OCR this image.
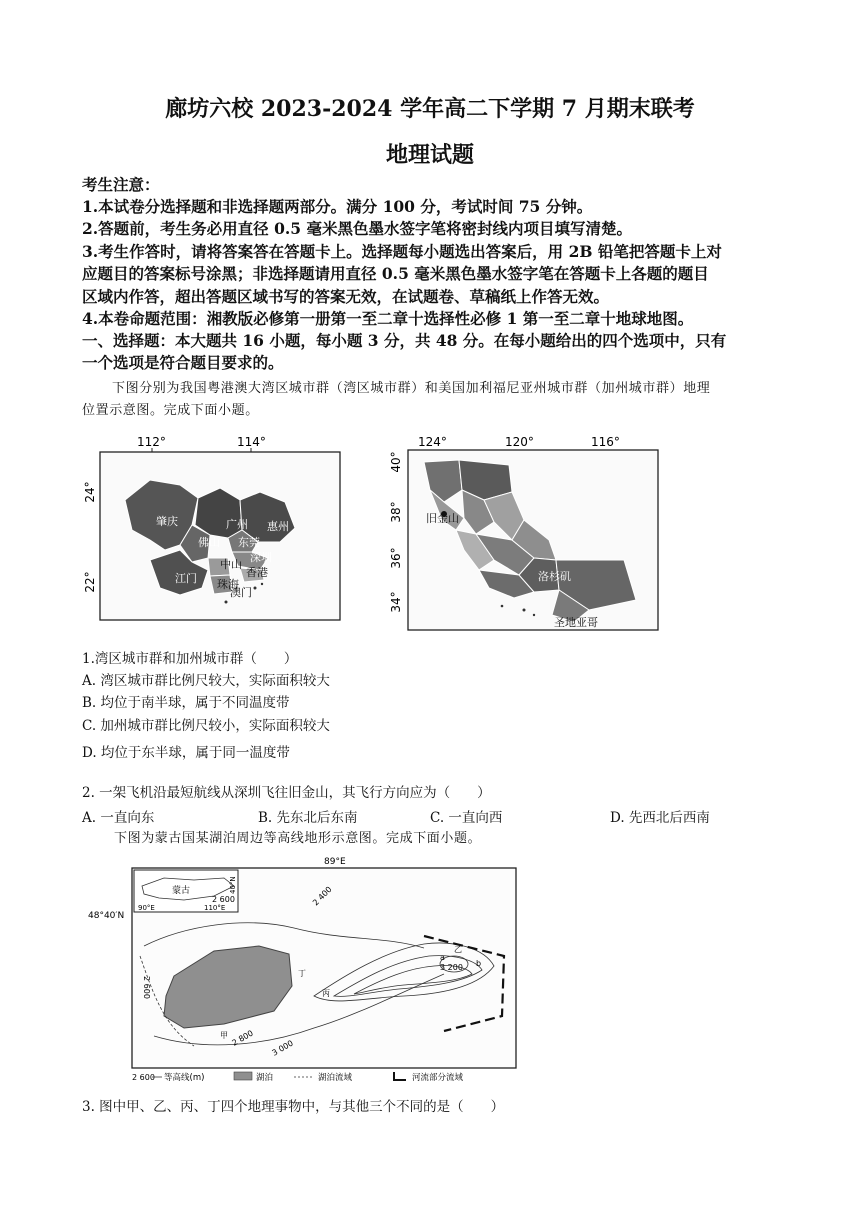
廊坊六校 2023-2024 学年高二下学期 7 月期末联考
地理试题
考生注意：
1.本试卷分选择题和非选择题两部分。满分 100 分，考试时间 75 分钟。
2.答题前，考生务必用直径 0.5 毫米黑色墨水签字笔将密封线内项目填写清楚。
3.考生作答时，请将答案答在答题卡上。选择题每小题选出答案后，用 2B 铅笔把答题卡上对
应题目的答案标号涂黑；非选择题请用直径 0.5 毫米黑色墨水签字笔在答题卡上各题的题目
区域内作答，超出答题区域书写的答案无效，在试题卷、草稿纸上作答无效。
4.本卷命题范围：湘教版必修第一册第一至二章十选择性必修 1 第一至二章十地球地图。
一、选择题：本大题共 16 小题，每小题 3 分，共 48 分。在每小题给出的四个选项中，只有
一个选项是符合题目要求的。
下图分别为我国粤港澳大湾区城市群（湾区城市群）和美国加利福尼亚州城市群（加州城市群）地理
位置示意图。完成下面小题。
112°	114°
24°
22°
肇庆	广州 惠州
佛山 东莞
深圳
中山
香港
江门 珠海
澳门
124°	120°	116°
40°
38°
36°
34°
旧金山
洛杉矶
圣地亚哥
1.湾区城市群和加州城市群（　　）
A. 湾区城市群比例尺较大，实际面积较大
B. 均位于南半球，属于不同温度带
C. 加州城市群比例尺较小，实际面积较大
D. 均位于东半球，属于同一温度带
2. 一架飞机沿最短航线从深圳飞往旧金山，其飞行方向应为（　　）
A. 一直向东	B. 先东北后东南	C. 一直向西	D. 先西北后西南
下图为蒙古国某湖泊周边等高线地形示意图。完成下面小题。
89°E
48°40′N
蒙古
90°E	110°E
40°N
2 600	2 400
2 600
3 200
2 800
3 000
甲
乙
丙
丁
a
b
2 600 等高线(m)	湖泊	湖泊流域	河流部分流域
3. 图中甲、乙、丙、丁四个地理事物中，与其他三个不同的是（　　）
